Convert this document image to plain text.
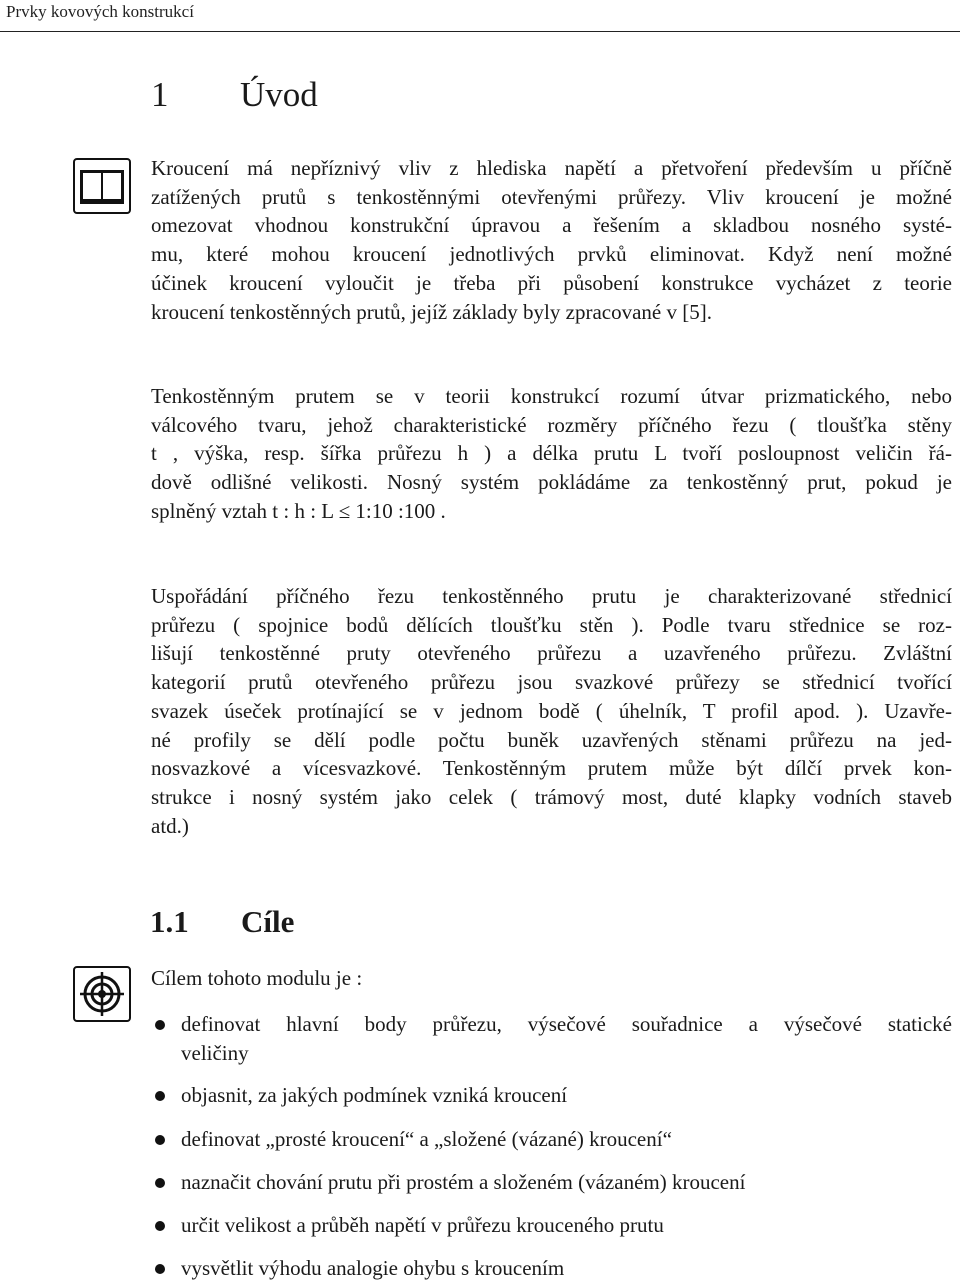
Prvky kovových konstrukcí
1 Úvod

Kroucení má nepříznivý vliv z hlediska napětí a přetvoření především u příčně
zatížených prutů s tenkostěnnými otevřenými průřezy. Vliv kroucení je možné
omezovat vhodnou konstrukční úpravou a řešením a skladbou nosného systé-
mu, které mohou kroucení jednotlivých prvků eliminovat. Když není možné
účinek kroucení vyloučit je třeba při působení konstrukce vycházet z teorie
kroucení tenkostěnných prutů, jejíž základy byly zpracované v [5].

Tenkostěnným prutem se v teorii konstrukcí rozumí útvar prizmatického, nebo
válcového tvaru, jehož charakteristické rozměry příčného řezu ( tloušťka stěny
t , výška, resp. šířka průřezu h ) a délka prutu L tvoří posloupnost veličin řá-
dově odlišné velikosti. Nosný systém pokládáme za tenkostěnný prut, pokud je
splněný vztah t : h : L ≤ 1:10 :100 .

Uspořádání příčného řezu tenkostěnného prutu je charakterizované střednicí
průřezu ( spojnice bodů dělících tloušťku stěn ). Podle tvaru střednice se roz-
lišují tenkostěnné pruty otevřeného průřezu a uzavřeného průřezu. Zvláštní
kategorií prutů otevřeného průřezu jsou svazkové průřezy se střednicí tvořící
svazek úseček protínající se v jednom bodě ( úhelník, T profil apod. ). Uzavře-
né profily se dělí podle počtu buněk uzavřených stěnami průřezu na jed-
nosvazkové a vícesvazkové. Tenkostěnným prutem může být dílčí prvek kon-
strukce i nosný systém jako celek ( trámový most, duté klapky vodních staveb
atd.)

1.1 Cíle

Cílem tohoto modulu je :

definovat hlavní body průřezu, výsečové souřadnice a výsečové statické
veličiny
objasnit, za jakých podmínek vzniká kroucení
definovat „prosté kroucení“ a „složené (vázané) kroucení“
naznačit chování prutu při prostém a složeném (vázaném) kroucení
určit velikost a průběh napětí v průřezu krouceného prutu
vysvětlit výhodu analogie ohybu s kroucením
